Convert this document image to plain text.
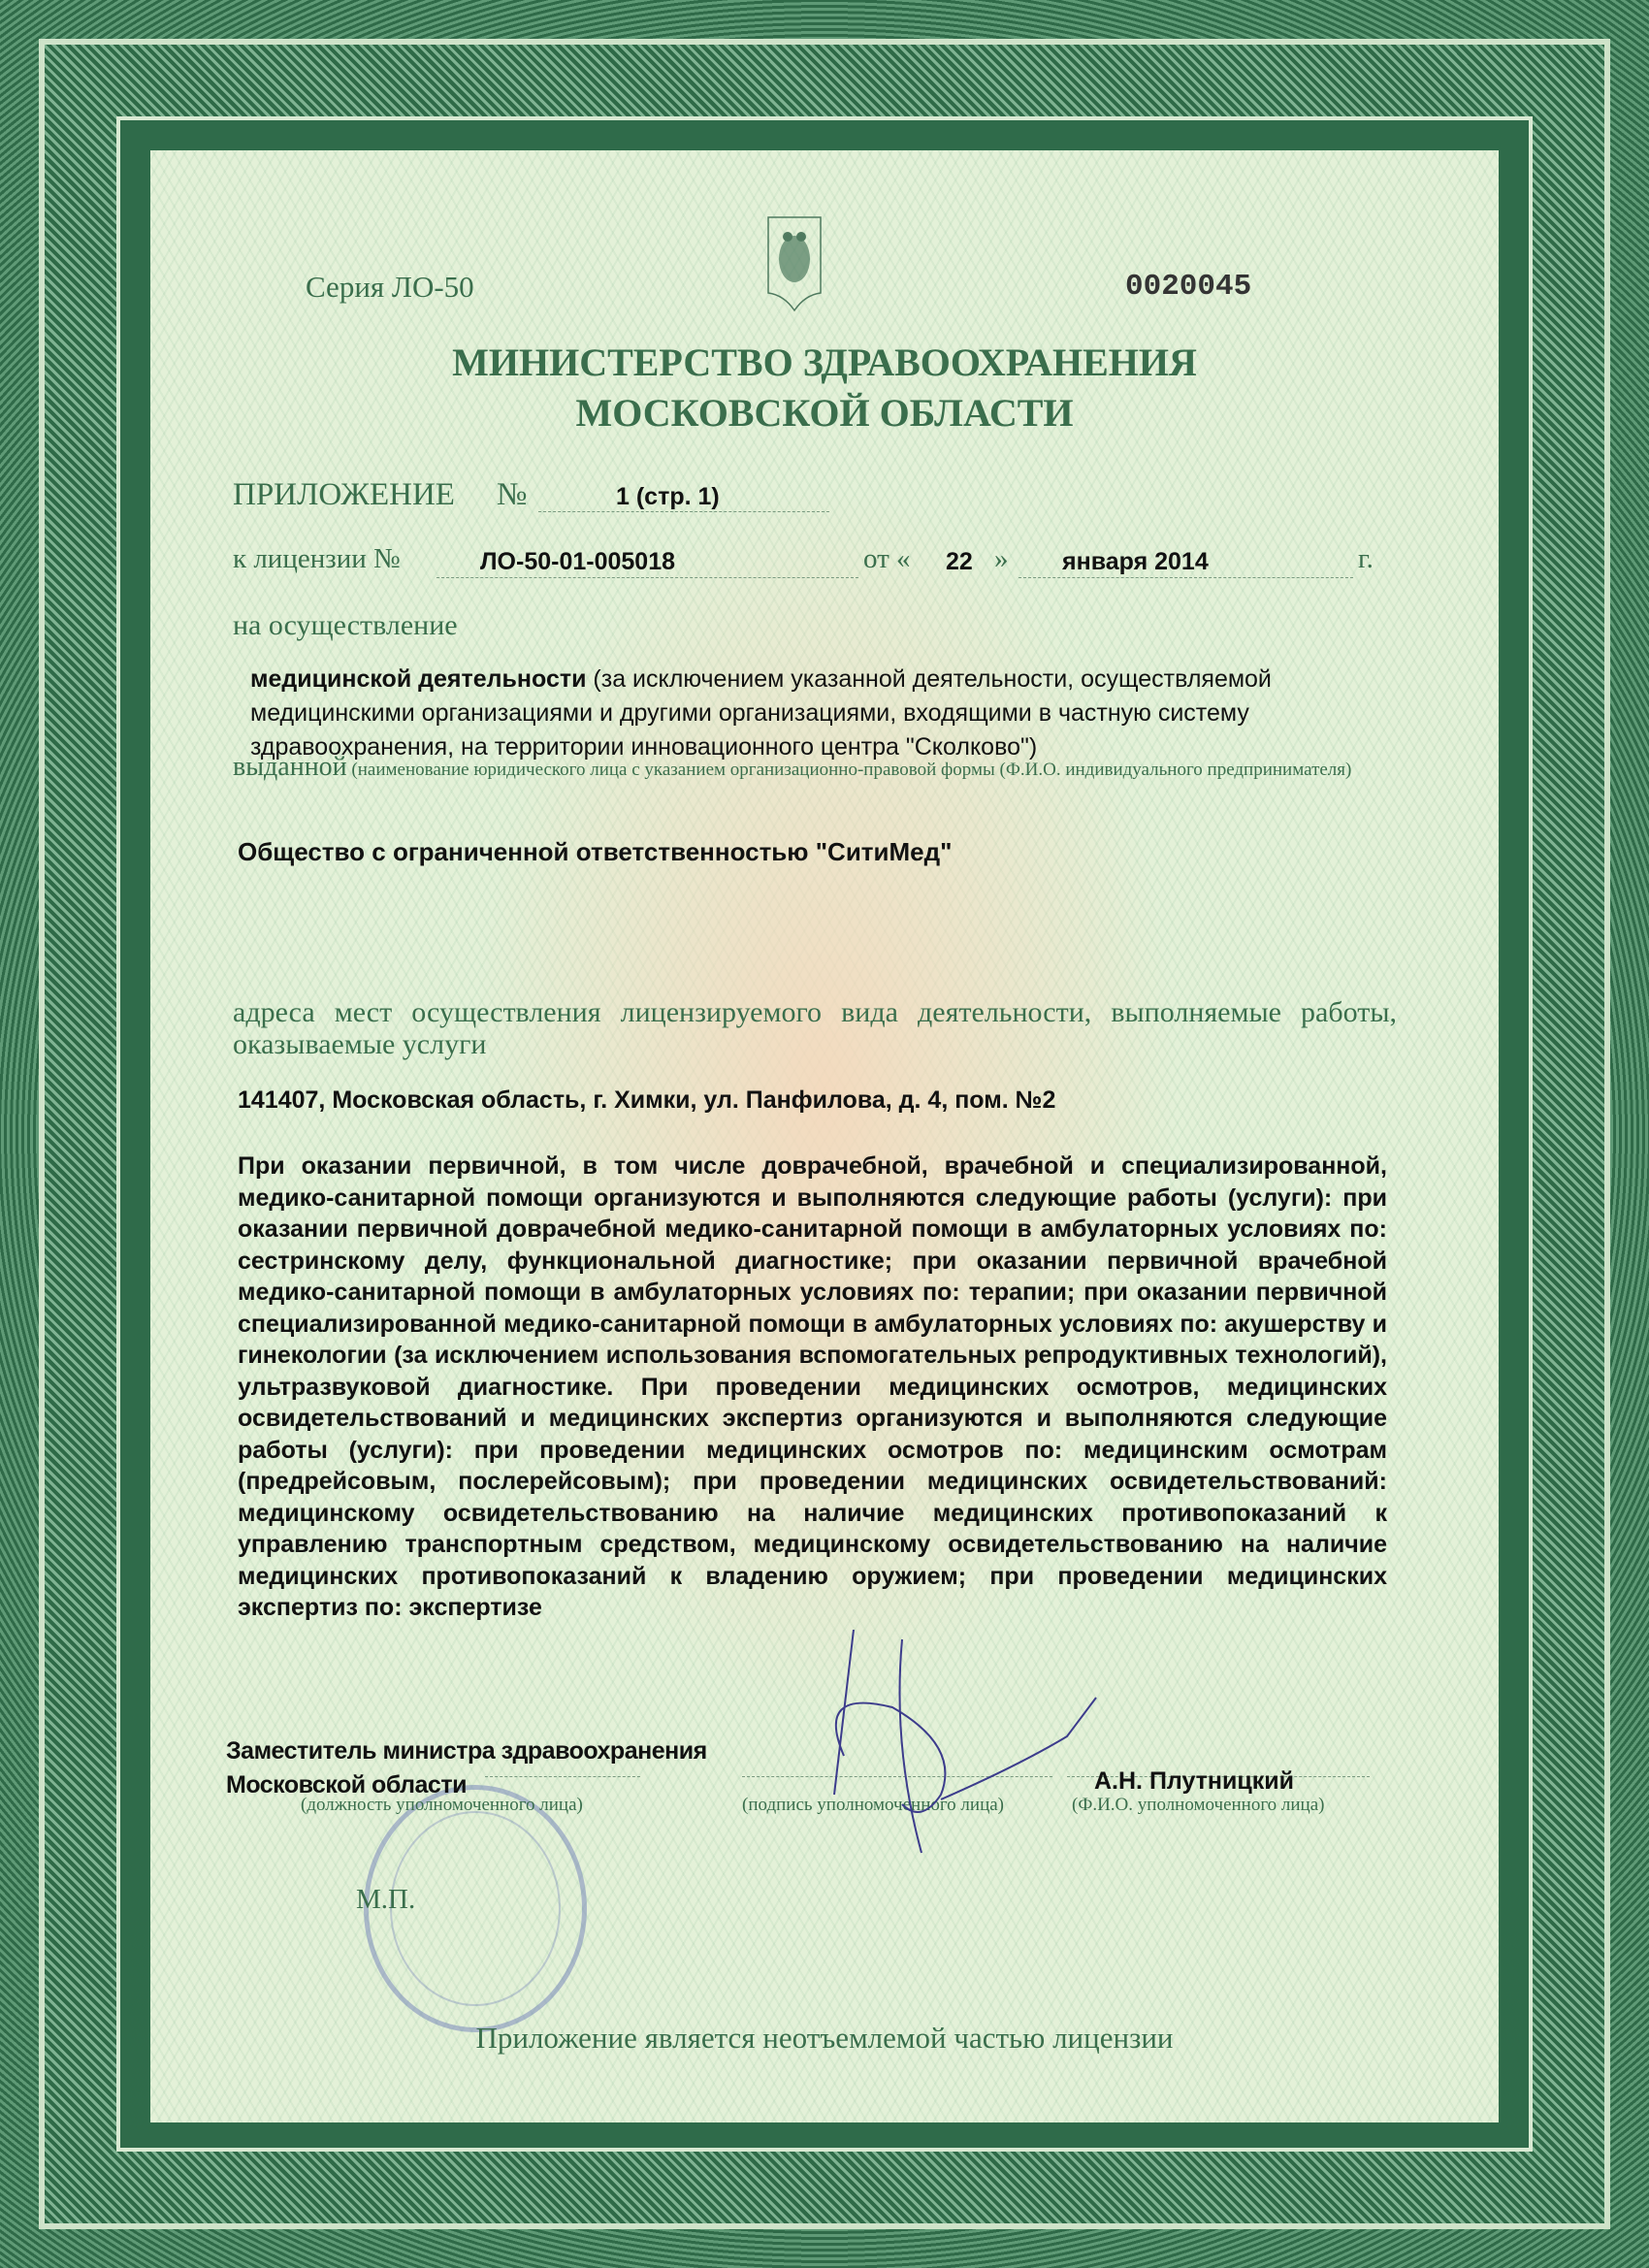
Серия ЛО-50	0020045
МИНИСТЕРСТВО ЗДРАВООХРАНЕНИЯ
МОСКОВСКОЙ ОБЛАСТИ
ПРИЛОЖЕНИЕ №	1 (стр. 1)
к лицензии №	ЛО-50-01-005018	от « 22 » января 2014	г.
на осуществление
медицинской деятельности (за исключением указанной деятельности, осуществляемой медицинскими организациями и другими организациями, входящими в частную систему здравоохранения, на территории инновационного центра "Сколково")
выданной (наименование юридического лица с указанием организационно-правовой формы (Ф.И.О. индивидуального предпринимателя)
Общество с ограниченной ответственностью "СитиМед"
адреса мест осуществления лицензируемого вида деятельности, выполняемые работы, оказываемые услуги
141407, Московская область, г. Химки, ул. Панфилова, д. 4, пом. №2
При оказании первичной, в том числе доврачебной, врачебной и специализированной, медико-санитарной помощи организуются и выполняются следующие работы (услуги): при оказании первичной доврачебной медико-санитарной помощи в амбулаторных условиях по: сестринскому делу, функциональной диагностике; при оказании первичной врачебной медико-санитарной помощи в амбулаторных условиях по: терапии; при оказании первичной специализированной медико-санитарной помощи в амбулаторных условиях по: акушерству и гинекологии (за исключением использования вспомогательных репродуктивных технологий), ультразвуковой диагностике. При проведении медицинских осмотров, медицинских освидетельствований и медицинских экспертиз организуются и выполняются следующие работы (услуги): при проведении медицинских осмотров по: медицинским осмотрам (предрейсовым, послерейсовым); при проведении медицинских освидетельствований: медицинскому освидетельствованию на наличие медицинских противопоказаний к управлению транспортным средством, медицинскому освидетельствованию на наличие медицинских противопоказаний к владению оружием; при проведении медицинских экспертиз по: экспертизе
Заместитель министра здравоохранения
Московской области	А.Н. Плутницкий
(должность уполномоченного лица)	(подпись уполномоченного лица)	(Ф.И.О. уполномоченного лица)
М.П.
Приложение является неотъемлемой частью лицензии
